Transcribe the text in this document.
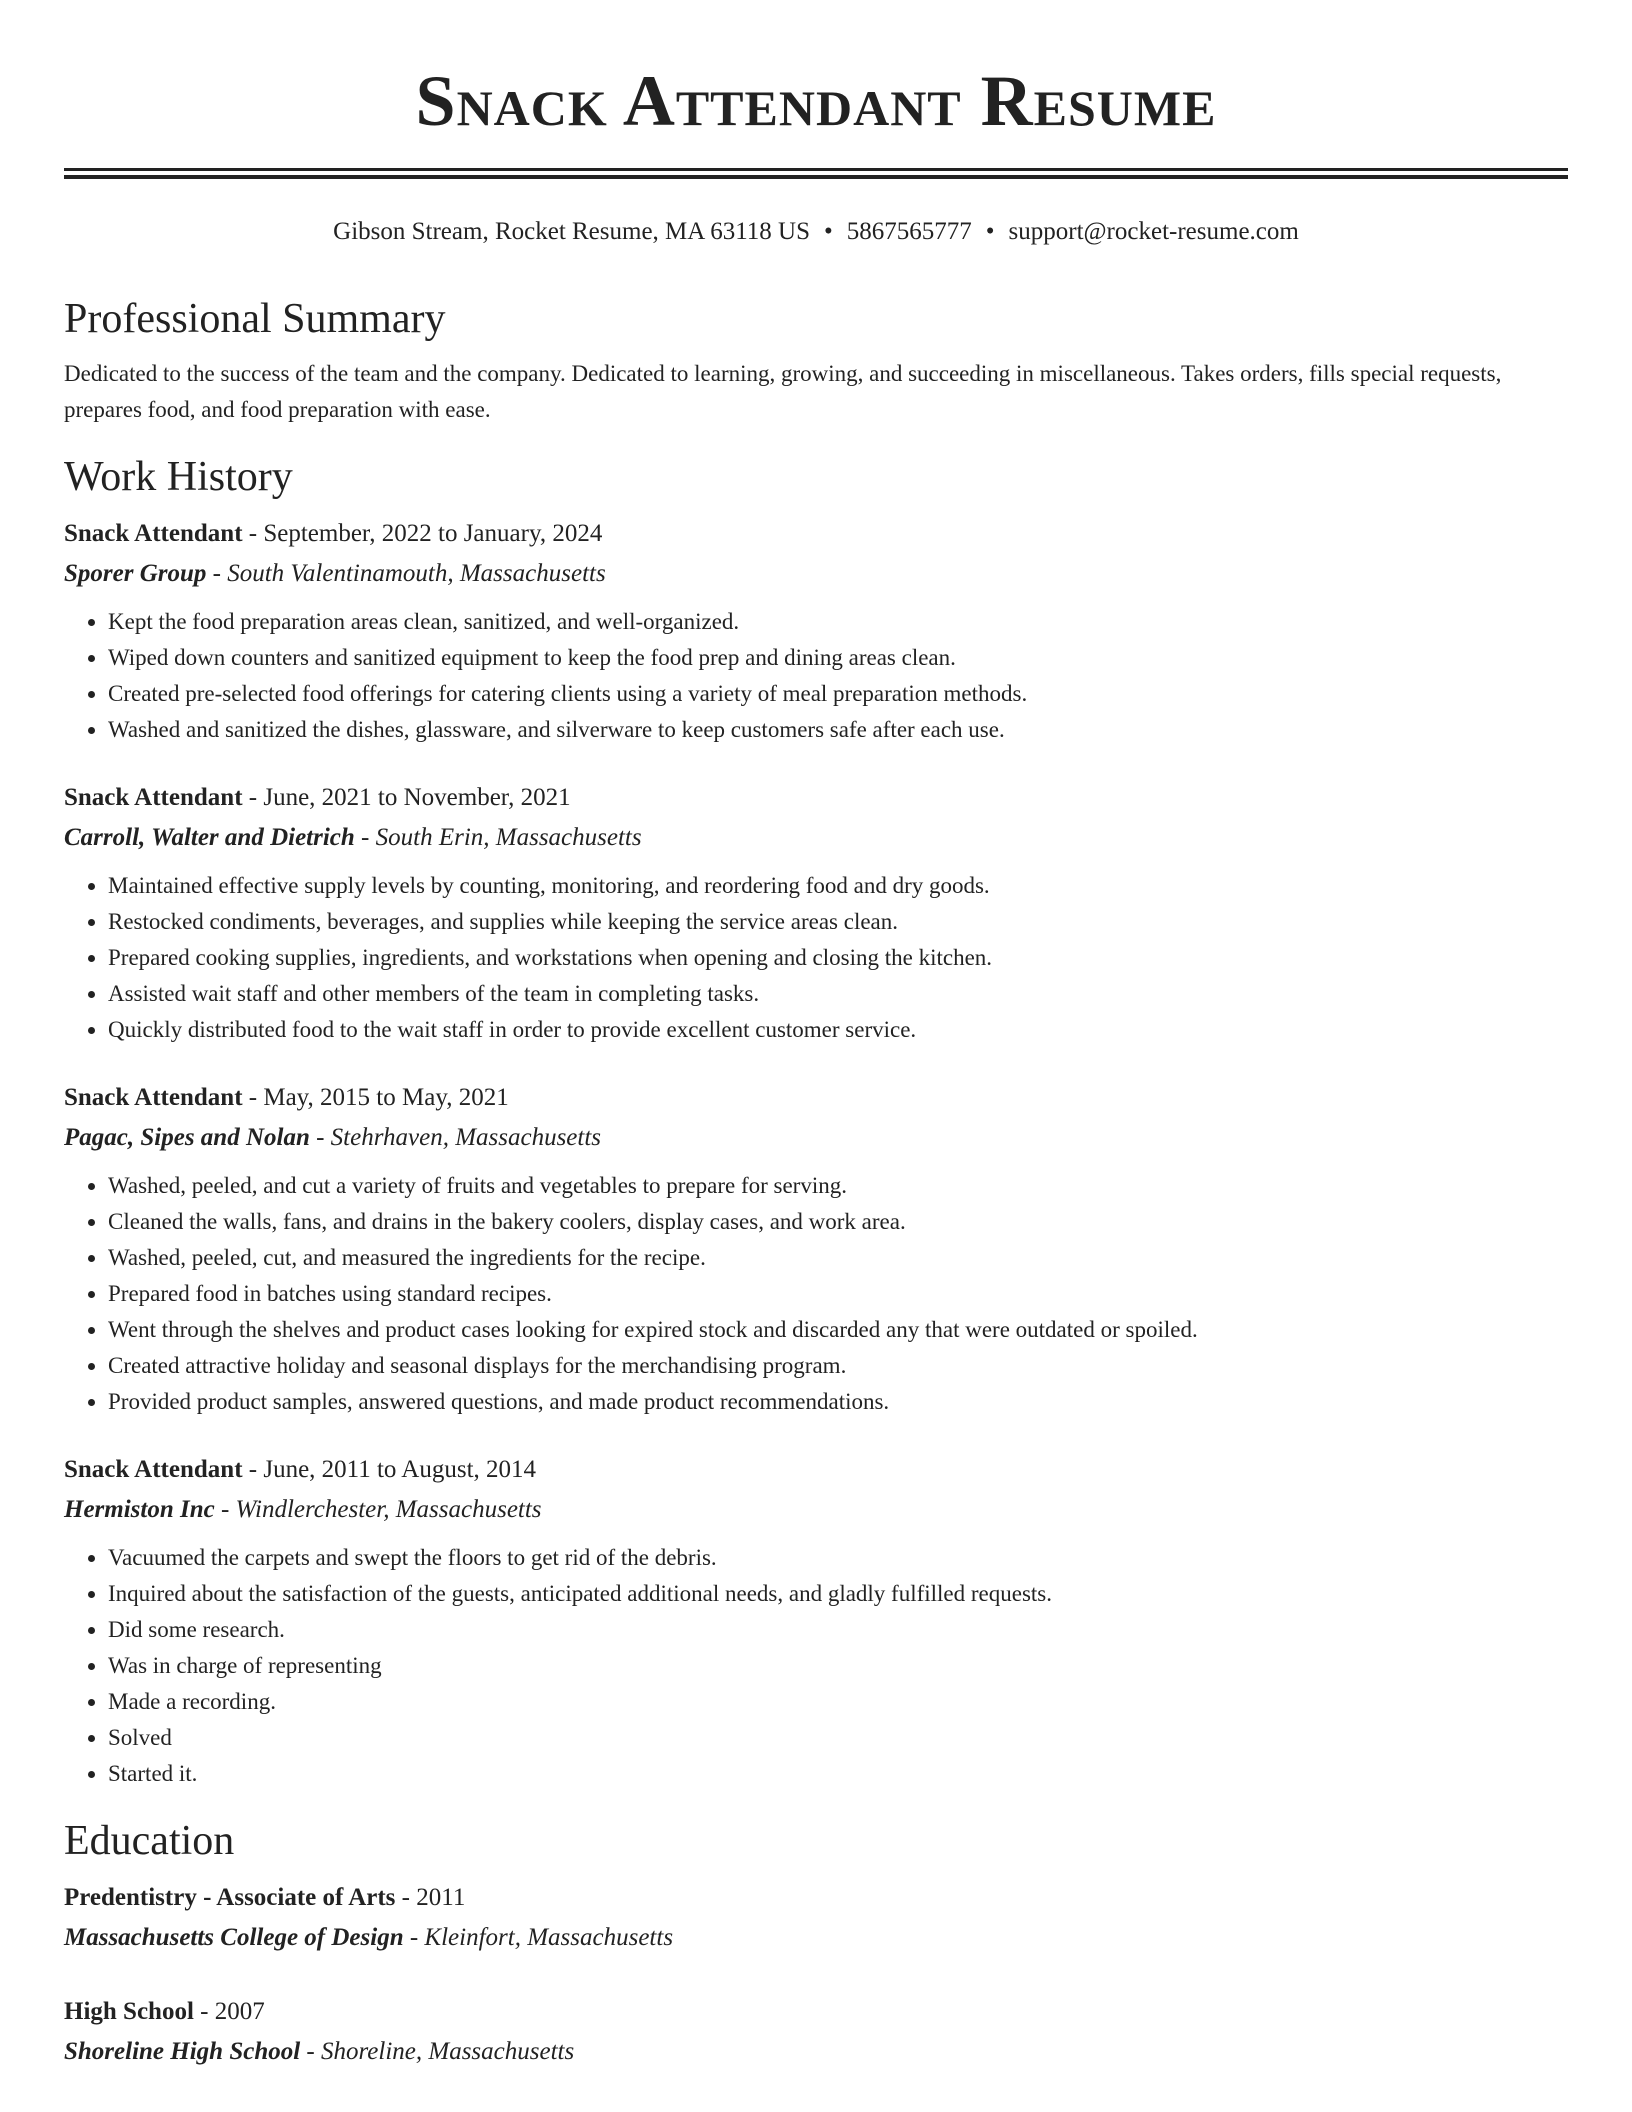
Snack Attendant Resume
Gibson Stream, Rocket Resume, MA 63118 US • 5867565777 • support@rocket-resume.com
Professional Summary

Dedicated to the success of the team and the company. Dedicated to learning, growing, and succeeding in miscellaneous. Takes orders, fills special requests, prepares food, and food preparation with ease.

Work History

Snack Attendant - September, 2022 to January, 2024

Sporer Group - South Valentinamouth, Massachusetts

• Kept the food preparation areas clean, sanitized, and well-organized.
• Wiped down counters and sanitized equipment to keep the food prep and dining areas clean.
• Created pre-selected food offerings for catering clients using a variety of meal preparation methods.
• Washed and sanitized the dishes, glassware, and silverware to keep customers safe after each use.

Snack Attendant - June, 2021 to November, 2021

Carroll, Walter and Dietrich - South Erin, Massachusetts

• Maintained effective supply levels by counting, monitoring, and reordering food and dry goods.
• Restocked condiments, beverages, and supplies while keeping the service areas clean.
• Prepared cooking supplies, ingredients, and workstations when opening and closing the kitchen.
• Assisted wait staff and other members of the team in completing tasks.
• Quickly distributed food to the wait staff in order to provide excellent customer service.

Snack Attendant - May, 2015 to May, 2021

Pagac, Sipes and Nolan - Stehrhaven, Massachusetts

• Washed, peeled, and cut a variety of fruits and vegetables to prepare for serving.
• Cleaned the walls, fans, and drains in the bakery coolers, display cases, and work area.
• Washed, peeled, cut, and measured the ingredients for the recipe.
• Prepared food in batches using standard recipes.
• Went through the shelves and product cases looking for expired stock and discarded any that were outdated or spoiled.
• Created attractive holiday and seasonal displays for the merchandising program.
• Provided product samples, answered questions, and made product recommendations.

Snack Attendant - June, 2011 to August, 2014

Hermiston Inc - Windlerchester, Massachusetts

• Vacuumed the carpets and swept the floors to get rid of the debris.
• Inquired about the satisfaction of the guests, anticipated additional needs, and gladly fulfilled requests.
• Did some research.
• Was in charge of representing
• Made a recording.
• Solved
• Started it.
Education

Predentistry - Associate of Arts - 2011

Massachusetts College of Design - Kleinfort, Massachusetts

High School - 2007

Shoreline High School - Shoreline, Massachusetts
